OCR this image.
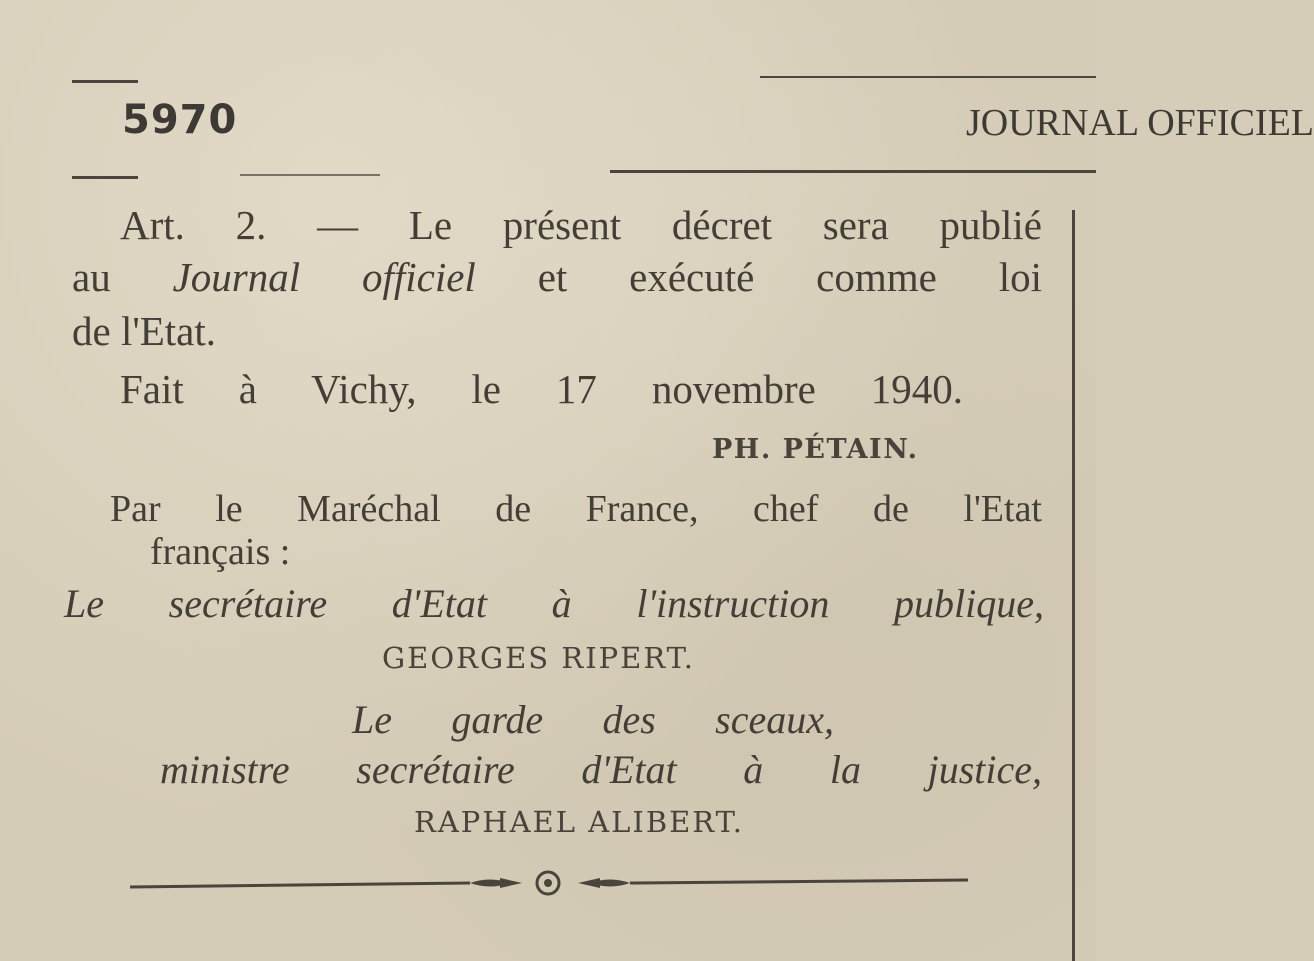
5970	JOURNAL OFFICIEL
Art. 2. — Le présent décret sera publié
au Journal officiel et exécuté comme loi
de l'Etat.
Fait à Vichy, le 17 novembre 1940.
PH. PÉTAIN.
Par le Maréchal de France, chef de l'Etat
français :
Le secrétaire d'Etat à l'instruction publique,
GEORGES RIPERT.
Le garde des sceaux,
ministre secrétaire d'Etat à la justice,
RAPHAEL ALIBERT.
